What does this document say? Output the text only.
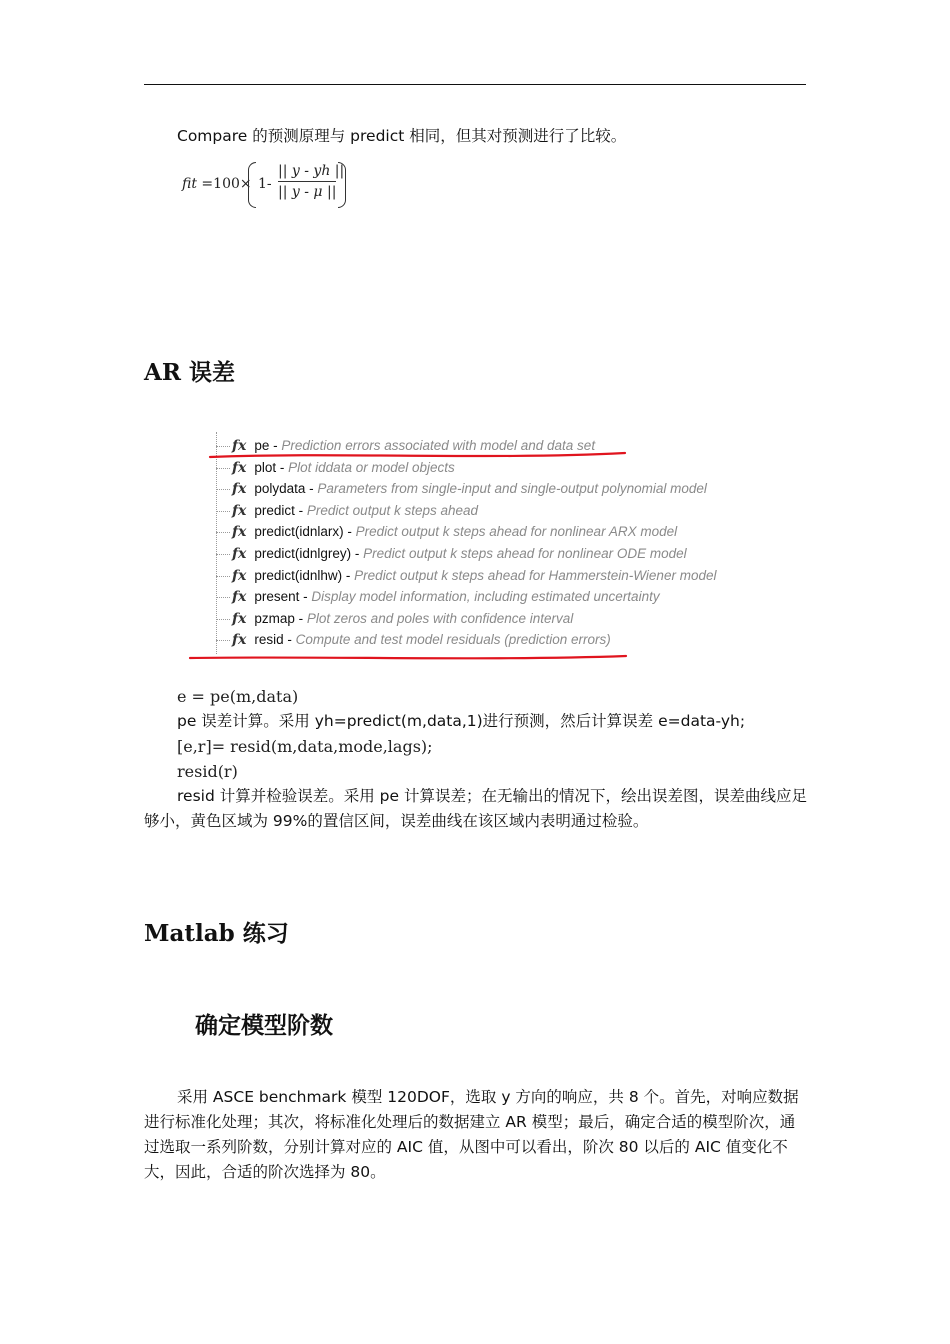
Compare 的预测原理与 predict 相同，但其对预测进行了比较。
fit $=100\times 1- \frac{|| y - yh ||}{|| y - \mu ||}$
AR 误差
fx pe - Prediction errors associated with model and data set
fx plot - Plot iddata or model objects
fx polydata - Parameters from single-input and single-output polynomial model
fx predict - Predict output k steps ahead
fx predict(idnlarx) - Predict output k steps ahead for nonlinear ARX model
fx predict(idnlgrey) - Predict output k steps ahead for nonlinear ODE model
fx predict(idnlhw) - Predict output k steps ahead for Hammerstein-Wiener model
fx present - Display model information, including estimated uncertainty
fx pzmap - Plot zeros and poles with confidence interval
fx resid - Compute and test model residuals (prediction errors)
e = pe(m,data)
pe 误差计算。采用 yh=predict(m,data,1)进行预测，然后计算误差 e=data-yh;
[e,r]= resid(m,data,mode,lags);
resid(r)
resid 计算并检验误差。采用 pe 计算误差；在无输出的情况下，绘出误差图，误差曲线应足够小，黄色区域为 99%的置信区间，误差曲线在该区域内表明通过检验。
Matlab 练习
确定模型阶数
采用 ASCE benchmark 模型 120DOF，选取 y 方向的响应，共 8 个。首先，对响应数据进行标准化处理；其次，将标准化处理后的数据建立 AR 模型；最后，确定合适的模型阶次，通过选取一系列阶数，分别计算对应的 AIC 值，从图中可以看出，阶次 80 以后的 AIC 值变化不大，因此，合适的阶次选择为 80。
